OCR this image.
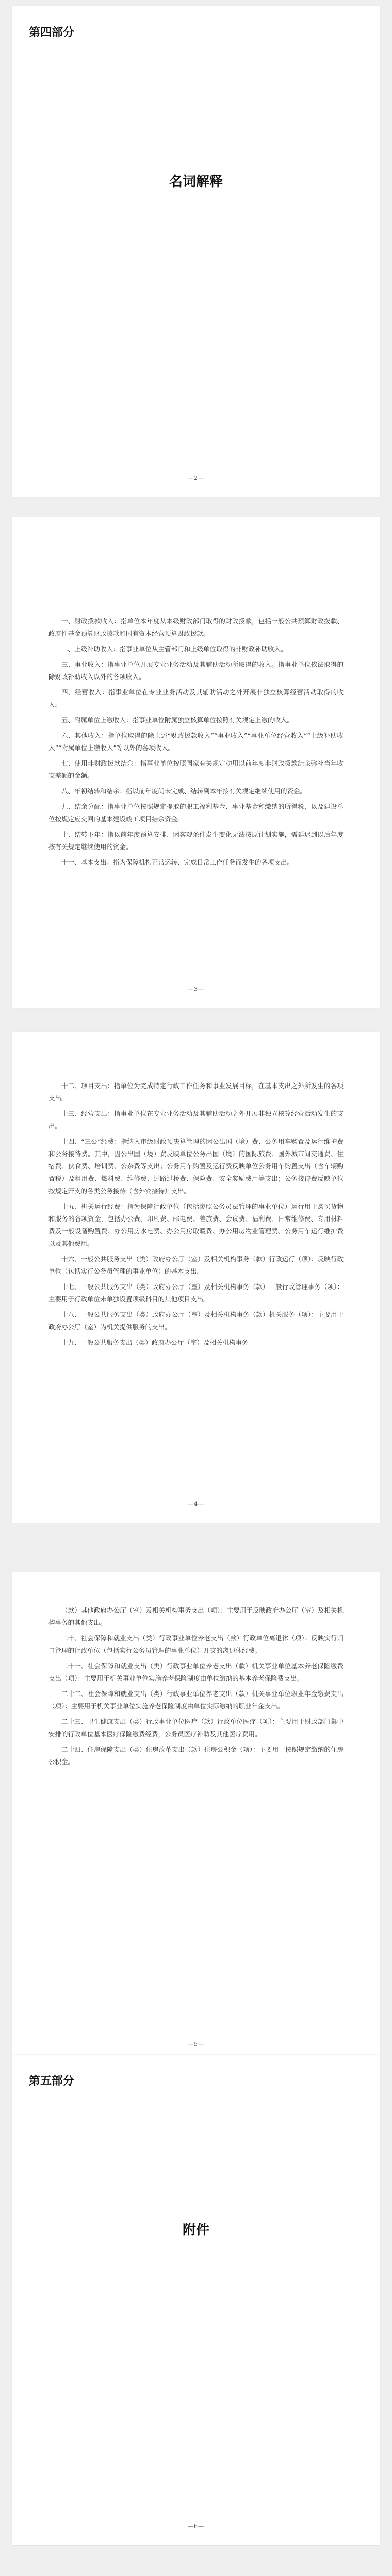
第四部分
名词解释
—2—

一、财政拨款收入：指单位本年度从本级财政部门取得的财政拨款，包括一般公共预算财政拨款、政府性基金预算财政拨款和国有资本经营预算财政拨款。

二、上级补助收入：指事业单位从主管部门和上级单位取得的非财政补助收入。

三、事业收入：指事业单位开展专业业务活动及其辅助活动所取得的收入。指事业单位依法取得的除财政补助收入以外的各项收入。

四、经营收入：指事业单位在专业业务活动及其辅助活动之外开展非独立核算经营活动取得的收入。

五、附属单位上缴收入：指事业单位附属独立核算单位按照有关规定上缴的收入。

六、其他收入：指单位取得的除上述“财政拨款收入”“事业收入”“事业单位经营收入”“上级补助收入”“附属单位上缴收入”等以外的各项收入。

七、使用非财政拨款结余：指事业单位按照国家有关规定动用以前年度非财政拨款结余弥补当年收支差额的金额。

八、年初结转和结余：指以前年度尚未完成、结转到本年按有关规定继续使用的资金。

九、结余分配：指事业单位按照规定提取的职工福利基金、事业基金和缴纳的所得税，以及建设单位按规定应交回的基本建设竣工项目结余资金。

十、结转下年：指以前年度预算安排、因客观条件发生变化无法按原计划实施，需延迟到以后年度按有关规定继续使用的资金。

十一、基本支出：指为保障机构正常运转、完成日常工作任务而发生的各项支出。

—3—

十二、项目支出：指单位为完成特定行政工作任务和事业发展目标，在基本支出之外所发生的各项支出。

十三、经营支出：指事业单位在专业业务活动及其辅助活动之外开展非独立核算经营活动发生的支出。

十四、“三公”经费：指纳入市级财政预决算管理的因公出国（境）费、公务用车购置及运行维护费和公务接待费。其中，因公出国（境）费反映单位公务出国（境）的国际旅费、国外城市间交通费、住宿费、伙食费、培训费、公杂费等支出；公务用车购置及运行费反映单位公务用车购置支出（含车辆购置税）及租用费、燃料费、维修费、过路过桥费、保险费、安全奖励费用等支出；公务接待费反映单位按规定开支的各类公务接待（含外宾接待）支出。

十五、机关运行经费：指为保障行政单位（包括参照公务员法管理的事业单位）运行用于购买货物和服务的各项资金，包括办公费、印刷费、邮电费、差旅费、会议费、福利费、日常维修费、专用材料费及一般设备购置费、办公用房水电费、办公用房取暖费、办公用房物业管理费、公务用车运行维护费以及其他费用。

十六、一般公共服务支出（类）政府办公厅（室）及相关机构事务（款）行政运行（项）：反映行政单位（包括实行公务员管理的事业单位）的基本支出。

十七、一般公共服务支出（类）政府办公厅（室）及相关机构事务（款）一般行政管理事务（项）：主要用于行政单位未单独设置项级科目的其他项目支出。

十八、一般公共服务支出（类）政府办公厅（室）及相关机构事务（款）机关服务（项）：主要用于政府办公厅（室）为机关提供服务的支出。

十九、一般公共服务支出（类）政府办公厅（室）及相关机构事务

—4—

（款）其他政府办公厅（室）及相关机构事务支出（项）：主要用于反映政府办公厅（室）及相关机构事务的其他支出。

二十、社会保障和就业支出（类）行政事业单位养老支出（款）行政单位离退休（项）：反映实行归口管理的行政单位（包括实行公务员管理的事业单位）开支的离退休经费。

二十一、社会保障和就业支出（类）行政事业单位养老支出（款）机关事业单位基本养老保险缴费支出（项）：主要用于机关事业单位实施养老保险制度由单位缴纳的基本养老保险费支出。

二十二、社会保障和就业支出（类）行政事业单位养老支出（款）机关事业单位职业年金缴费支出（项）：主要用于机关事业单位实施养老保险制度由单位实际缴纳的职业年金支出。

二十三、卫生健康支出（类）行政事业单位医疗（款）行政单位医疗（项）：主要用于财政部门集中安排的行政单位基本医疗保险缴费经费，公务员医疗补助及其他医疗费用。

二十四、住房保障支出（类）住房改革支出（款）住房公积金（项）：主要用于按照规定缴纳的住房公积金。

—5—
第五部分
附件
—6—
